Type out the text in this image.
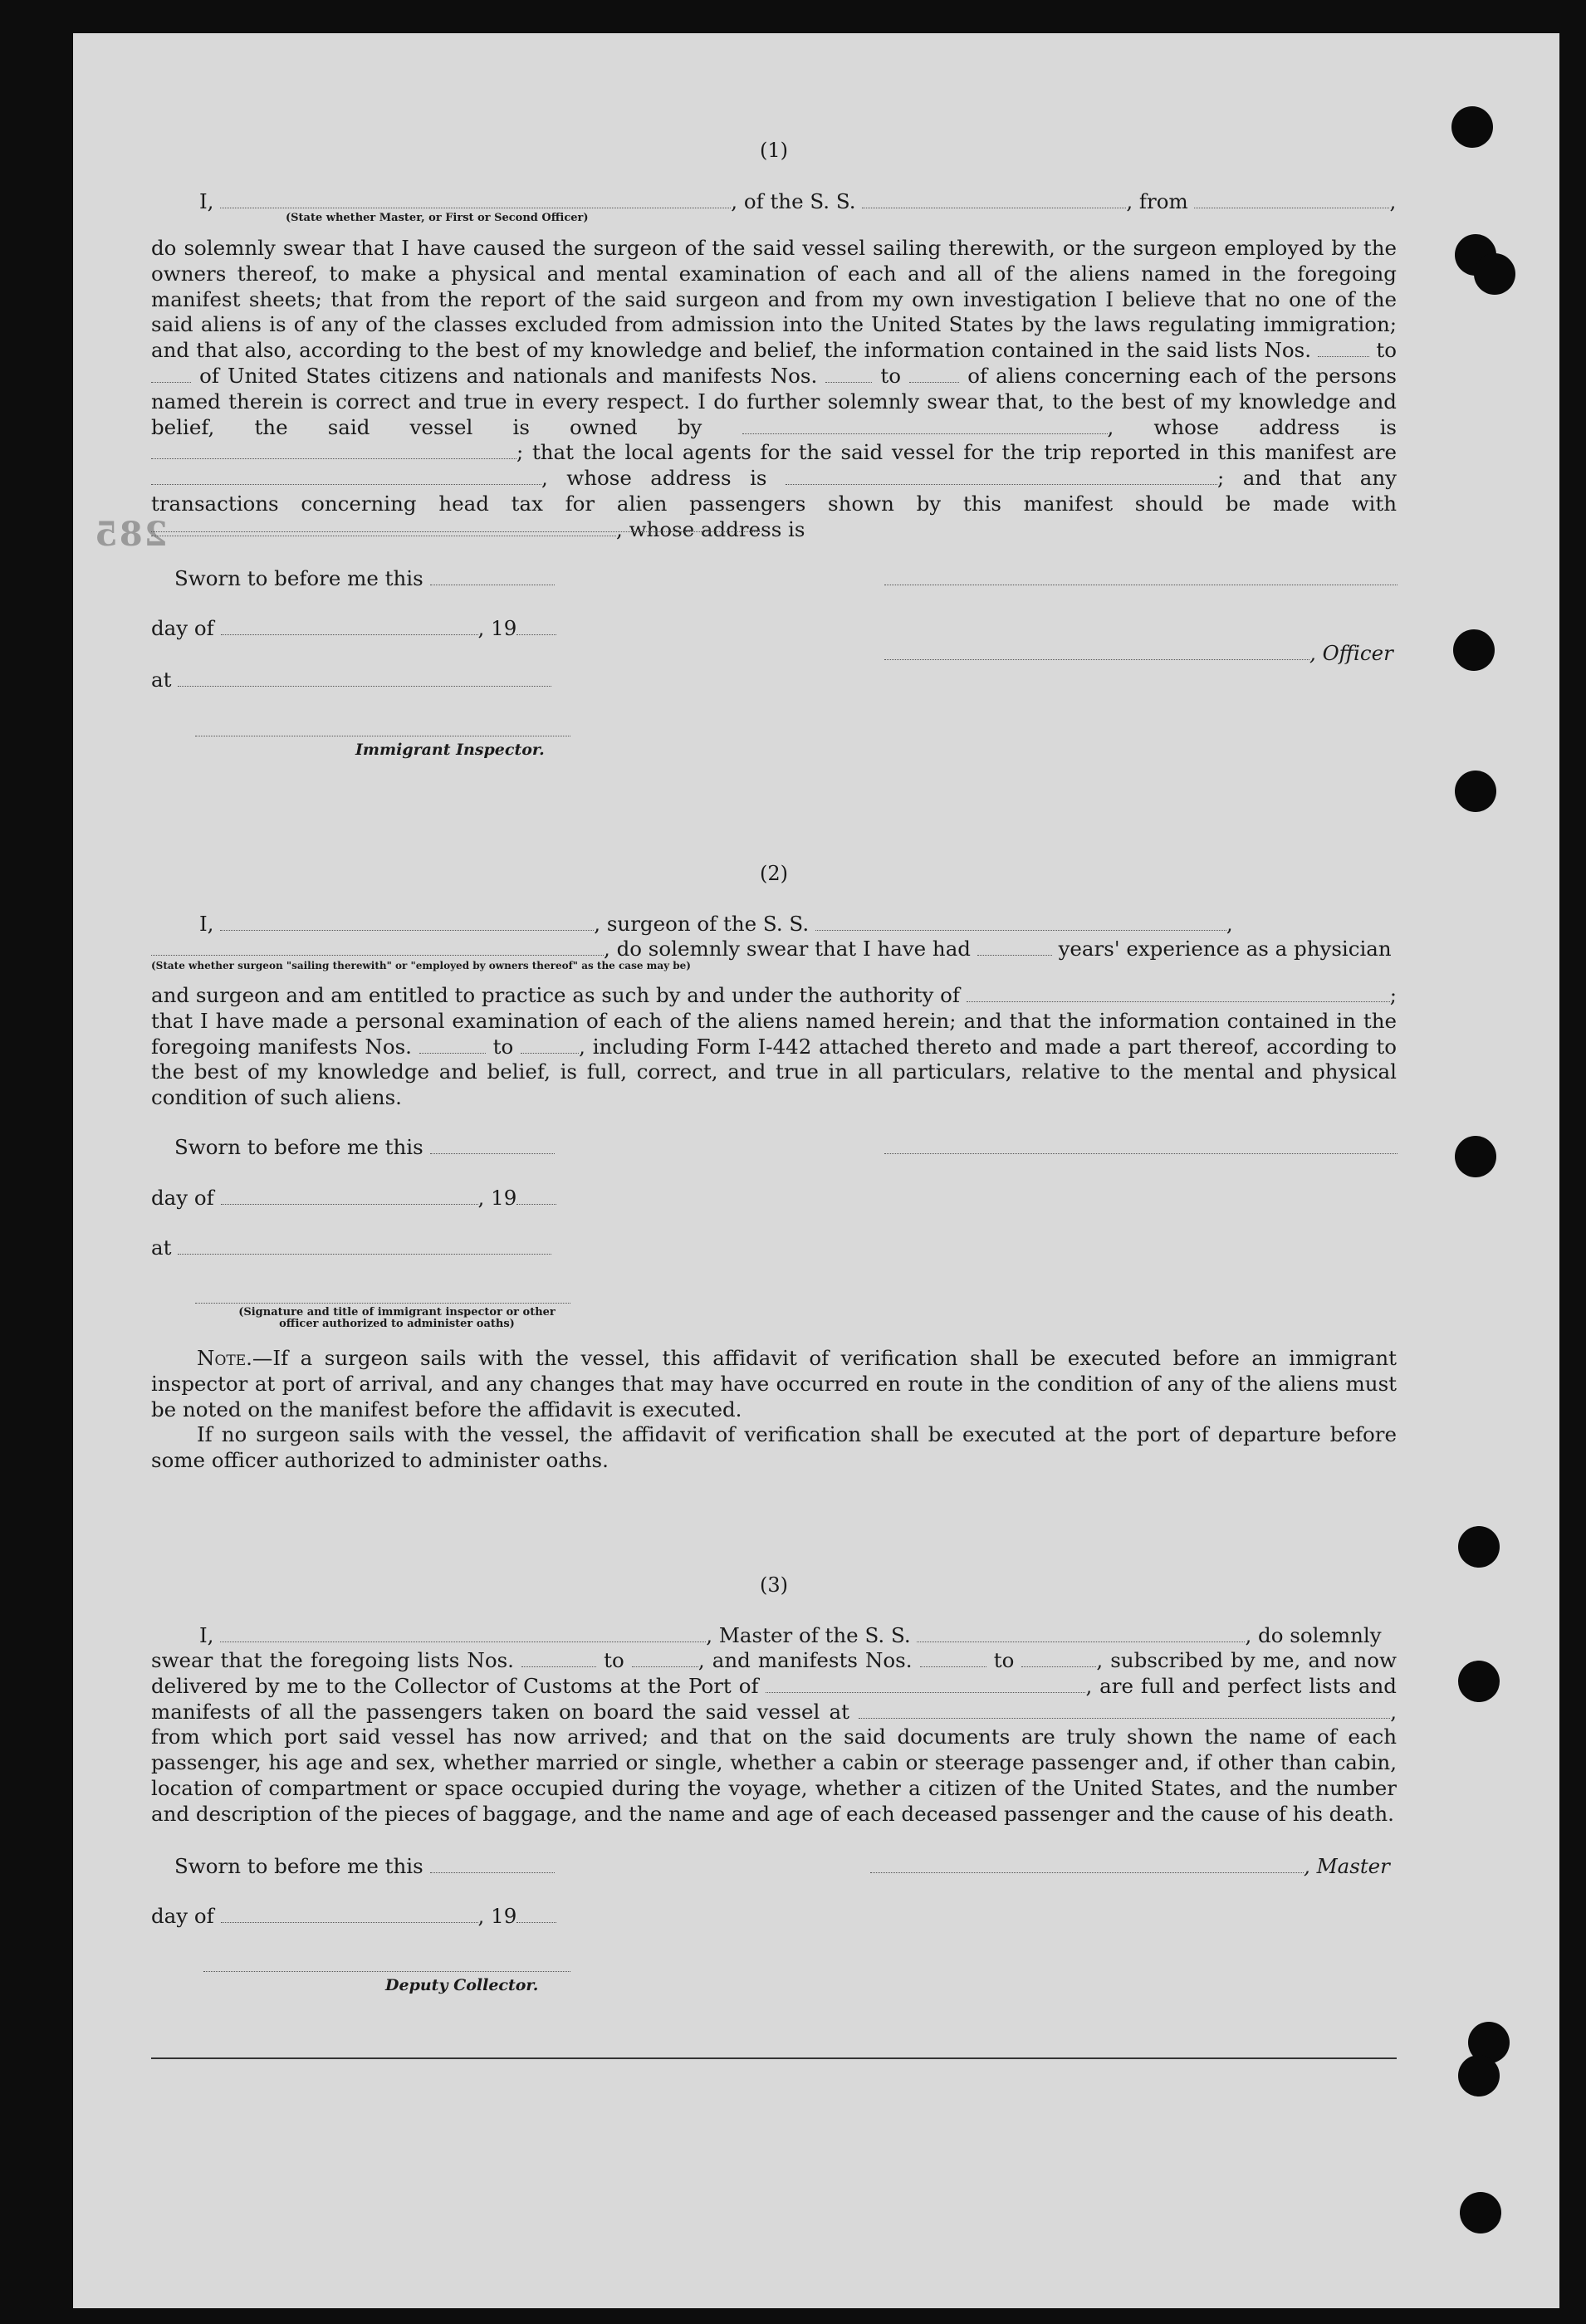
285
(1)
I,	, of the S. S.	, from	,
(State whether Master, or First or Second Officer)

do solemnly swear that I have caused the surgeon of the said vessel sailing therewith, or the surgeon employed by the owners thereof, to make a physical and mental examination of each and all of the aliens named in the foregoing manifest sheets; that from the report of the said surgeon and from my own investigation I believe that no one of the said aliens is of any of the classes excluded from admission into the United States by the laws regulating immigration; and that also, according to the best of my knowledge and belief, the information contained in the said lists Nos.	to  of United States citizens and nationals and manifests Nos.	to	of aliens concerning each of the persons named therein is correct and true in every respect. I do further solemnly swear that, to the best of my knowledge and belief, the said vessel is owned by	, whose address is ; that the local agents for the said vessel for the trip reported in this manifest are , whose address is	; and that any transactions concerning head tax for alien passengers shown by this manifest should be made with , whose address is

Sworn to before me this
day of	, 19
, Officer
at
Immigrant Inspector.
(2)
I,	, surgeon of the S. S.	,
, do solemnly swear that I have had	years' experience as a physician
(State whether surgeon "sailing therewith" or "employed by owners thereof" as the case may be)

and surgeon and am entitled to practice as such by and under the authority of	; that I have made a personal examination of each of the aliens named herein; and that the information contained in the foregoing manifests Nos.	to	, including Form I-442 attached thereto and made a part thereof, according to the best of my knowledge and belief, is full, correct, and true in all particulars, relative to the mental and physical condition of such aliens.

Sworn to before me this
day of	, 19
at
(Signature and title of immigrant inspector or other officer authorized to administer oaths)

Note.—If a surgeon sails with the vessel, this affidavit of verification shall be executed before an immigrant inspector at port of arrival, and any changes that may have occurred en route in the condition of any of the aliens must be noted on the manifest before the affidavit is executed.

If no surgeon sails with the vessel, the affidavit of verification shall be executed at the port of departure before some officer authorized to administer oaths.

(3)
I,	, Master of the S. S.	, do solemnly

swear that the foregoing lists Nos.	to	, and manifests Nos.	to	, subscribed by me, and now delivered by me to the Collector of Customs at the Port of	, are full and perfect lists and manifests of all the passengers taken on board the said vessel at	, from which port said vessel has now arrived; and that on the said documents are truly shown the name of each passenger, his age and sex, whether married or single, whether a cabin or steerage passenger and, if other than cabin, location of compartment or space occupied during the voyage, whether a citizen of the United States, and the number and description of the pieces of baggage, and the name and age of each deceased passenger and the cause of his death.

Sworn to before me this	, Master
day of	, 19
Deputy Collector.
